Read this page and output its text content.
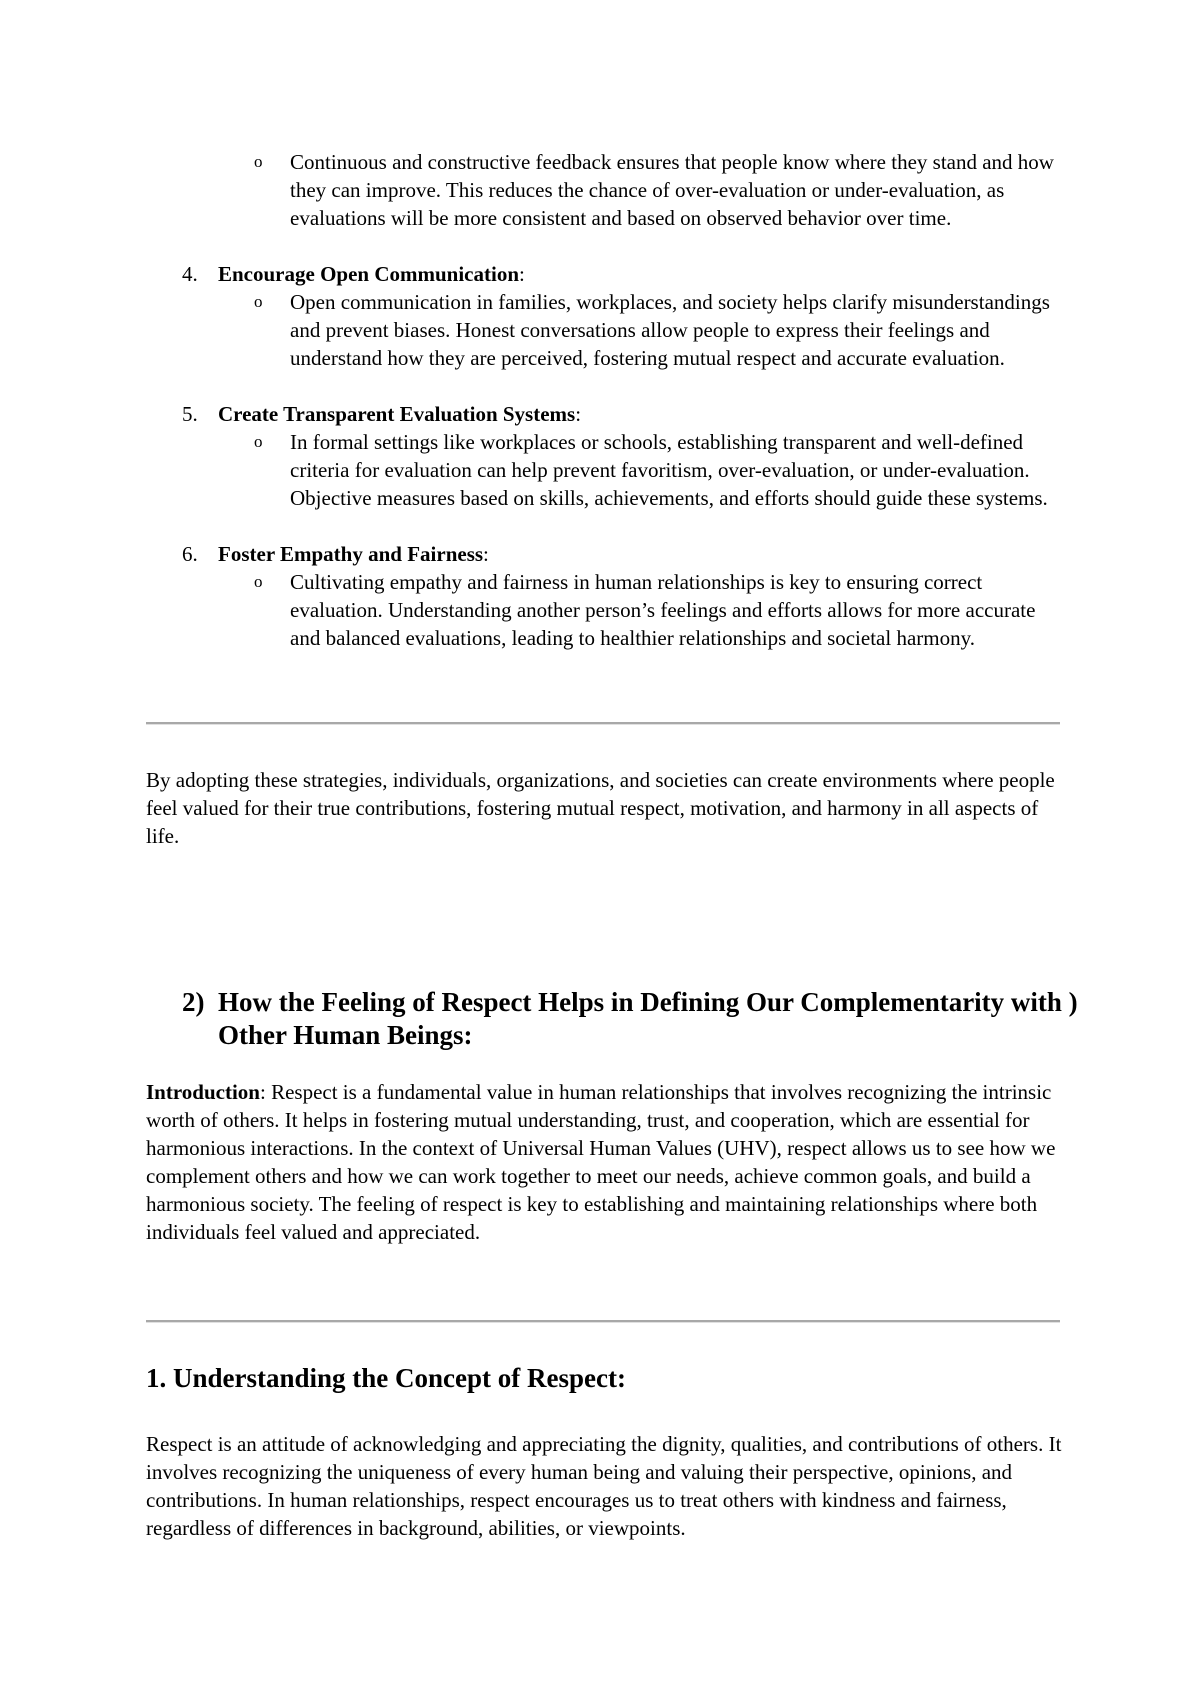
o Continuous and constructive feedback ensures that people know where they stand and how they can improve. This reduces the chance of over-evaluation or under-evaluation, as evaluations will be more consistent and based on observed behavior over time.
4. Encourage Open Communication:
o Open communication in families, workplaces, and society helps clarify misunderstandings and prevent biases. Honest conversations allow people to express their feelings and understand how they are perceived, fostering mutual respect and accurate evaluation.
5. Create Transparent Evaluation Systems:
o In formal settings like workplaces or schools, establishing transparent and well-defined criteria for evaluation can help prevent favoritism, over-evaluation, or under-evaluation. Objective measures based on skills, achievements, and efforts should guide these systems.
6. Foster Empathy and Fairness:
o Cultivating empathy and fairness in human relationships is key to ensuring correct evaluation. Understanding another person’s feelings and efforts allows for more accurate and balanced evaluations, leading to healthier relationships and societal harmony.
By adopting these strategies, individuals, organizations, and societies can create environments where people feel valued for their true contributions, fostering mutual respect, motivation, and harmony in all aspects of life.
2) How the Feeling of Respect Helps in Defining Our Complementarity with ) Other Human Beings:
Introduction: Respect is a fundamental value in human relationships that involves recognizing the intrinsic worth of others. It helps in fostering mutual understanding, trust, and cooperation, which are essential for harmonious interactions. In the context of Universal Human Values (UHV), respect allows us to see how we complement others and how we can work together to meet our needs, achieve common goals, and build a harmonious society. The feeling of respect is key to establishing and maintaining relationships where both individuals feel valued and appreciated.
1. Understanding the Concept of Respect:
Respect is an attitude of acknowledging and appreciating the dignity, qualities, and contributions of others. It involves recognizing the uniqueness of every human being and valuing their perspective, opinions, and contributions. In human relationships, respect encourages us to treat others with kindness and fairness, regardless of differences in background, abilities, or viewpoints.
